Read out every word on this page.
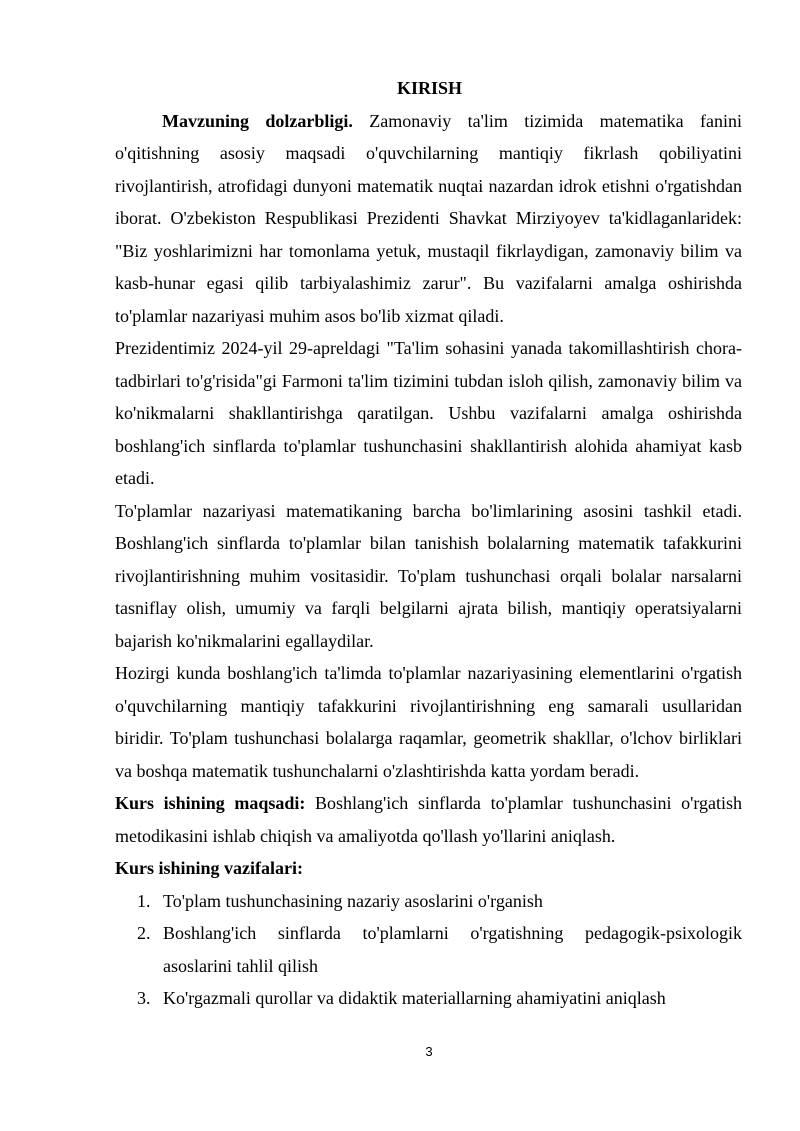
KIRISH

Mavzuning dolzarbligi. Zamonaviy ta'lim tizimida matematika fanini o'qitishning asosiy maqsadi o'quvchilarning mantiqiy fikrlash qobiliyatini rivojlantirish, atrofidagi dunyoni matematik nuqtai nazardan idrok etishni o'rgatishdan iborat. O'zbekiston Respublikasi Prezidenti Shavkat Mirziyoyev ta'kidlaganlaridek: "Biz yoshlarimizni har tomonlama yetuk, mustaqil fikrlaydigan, zamonaviy bilim va kasb-hunar egasi qilib tarbiyalashimiz zarur". Bu vazifalarni amalga oshirishda to'plamlar nazariyasi muhim asos bo'lib xizmat qiladi.

Prezidentimiz 2024-yil 29-apreldagi "Ta'lim sohasini yanada takomillashtirish chora-tadbirlari to'g'risida"gi Farmoni ta'lim tizimini tubdan isloh qilish, zamonaviy bilim va ko'nikmalarni shakllantirishga qaratilgan. Ushbu vazifalarni amalga oshirishda boshlang'ich sinflarda to'plamlar tushunchasini shakllantirish alohida ahamiyat kasb etadi.

To'plamlar nazariyasi matematikaning barcha bo'limlarining asosini tashkil etadi. Boshlang'ich sinflarda to'plamlar bilan tanishish bolalarning matematik tafakkurini rivojlantirishning muhim vositasidir. To'plam tushunchasi orqali bolalar narsalarni tasniflay olish, umumiy va farqli belgilarni ajrata bilish, mantiqiy operatsiyalarni bajarish ko'nikmalarini egallaydilar.

Hozirgi kunda boshlang'ich ta'limda to'plamlar nazariyasining elementlarini o'rgatish o'quvchilarning mantiqiy tafakkurini rivojlantirishning eng samarali usullaridan biridir. To'plam tushunchasi bolalarga raqamlar, geometrik shakllar, o'lchov birliklari va boshqa matematik tushunchalarni o'zlashtirishda katta yordam beradi.

Kurs ishining maqsadi: Boshlang'ich sinflarda to'plamlar tushunchasini o'rgatish metodikasini ishlab chiqish va amaliyotda qo'llash yo'llarini aniqlash.

Kurs ishining vazifalari:

1. To'plam tushunchasining nazariy asoslarini o'rganish
2. Boshlang'ich sinflarda to'plamlarni o'rgatishning pedagogik-psixologik asoslarini tahlil qilish
3. Ko'rgazmali qurollar va didaktik materiallarning ahamiyatini aniqlash
3
